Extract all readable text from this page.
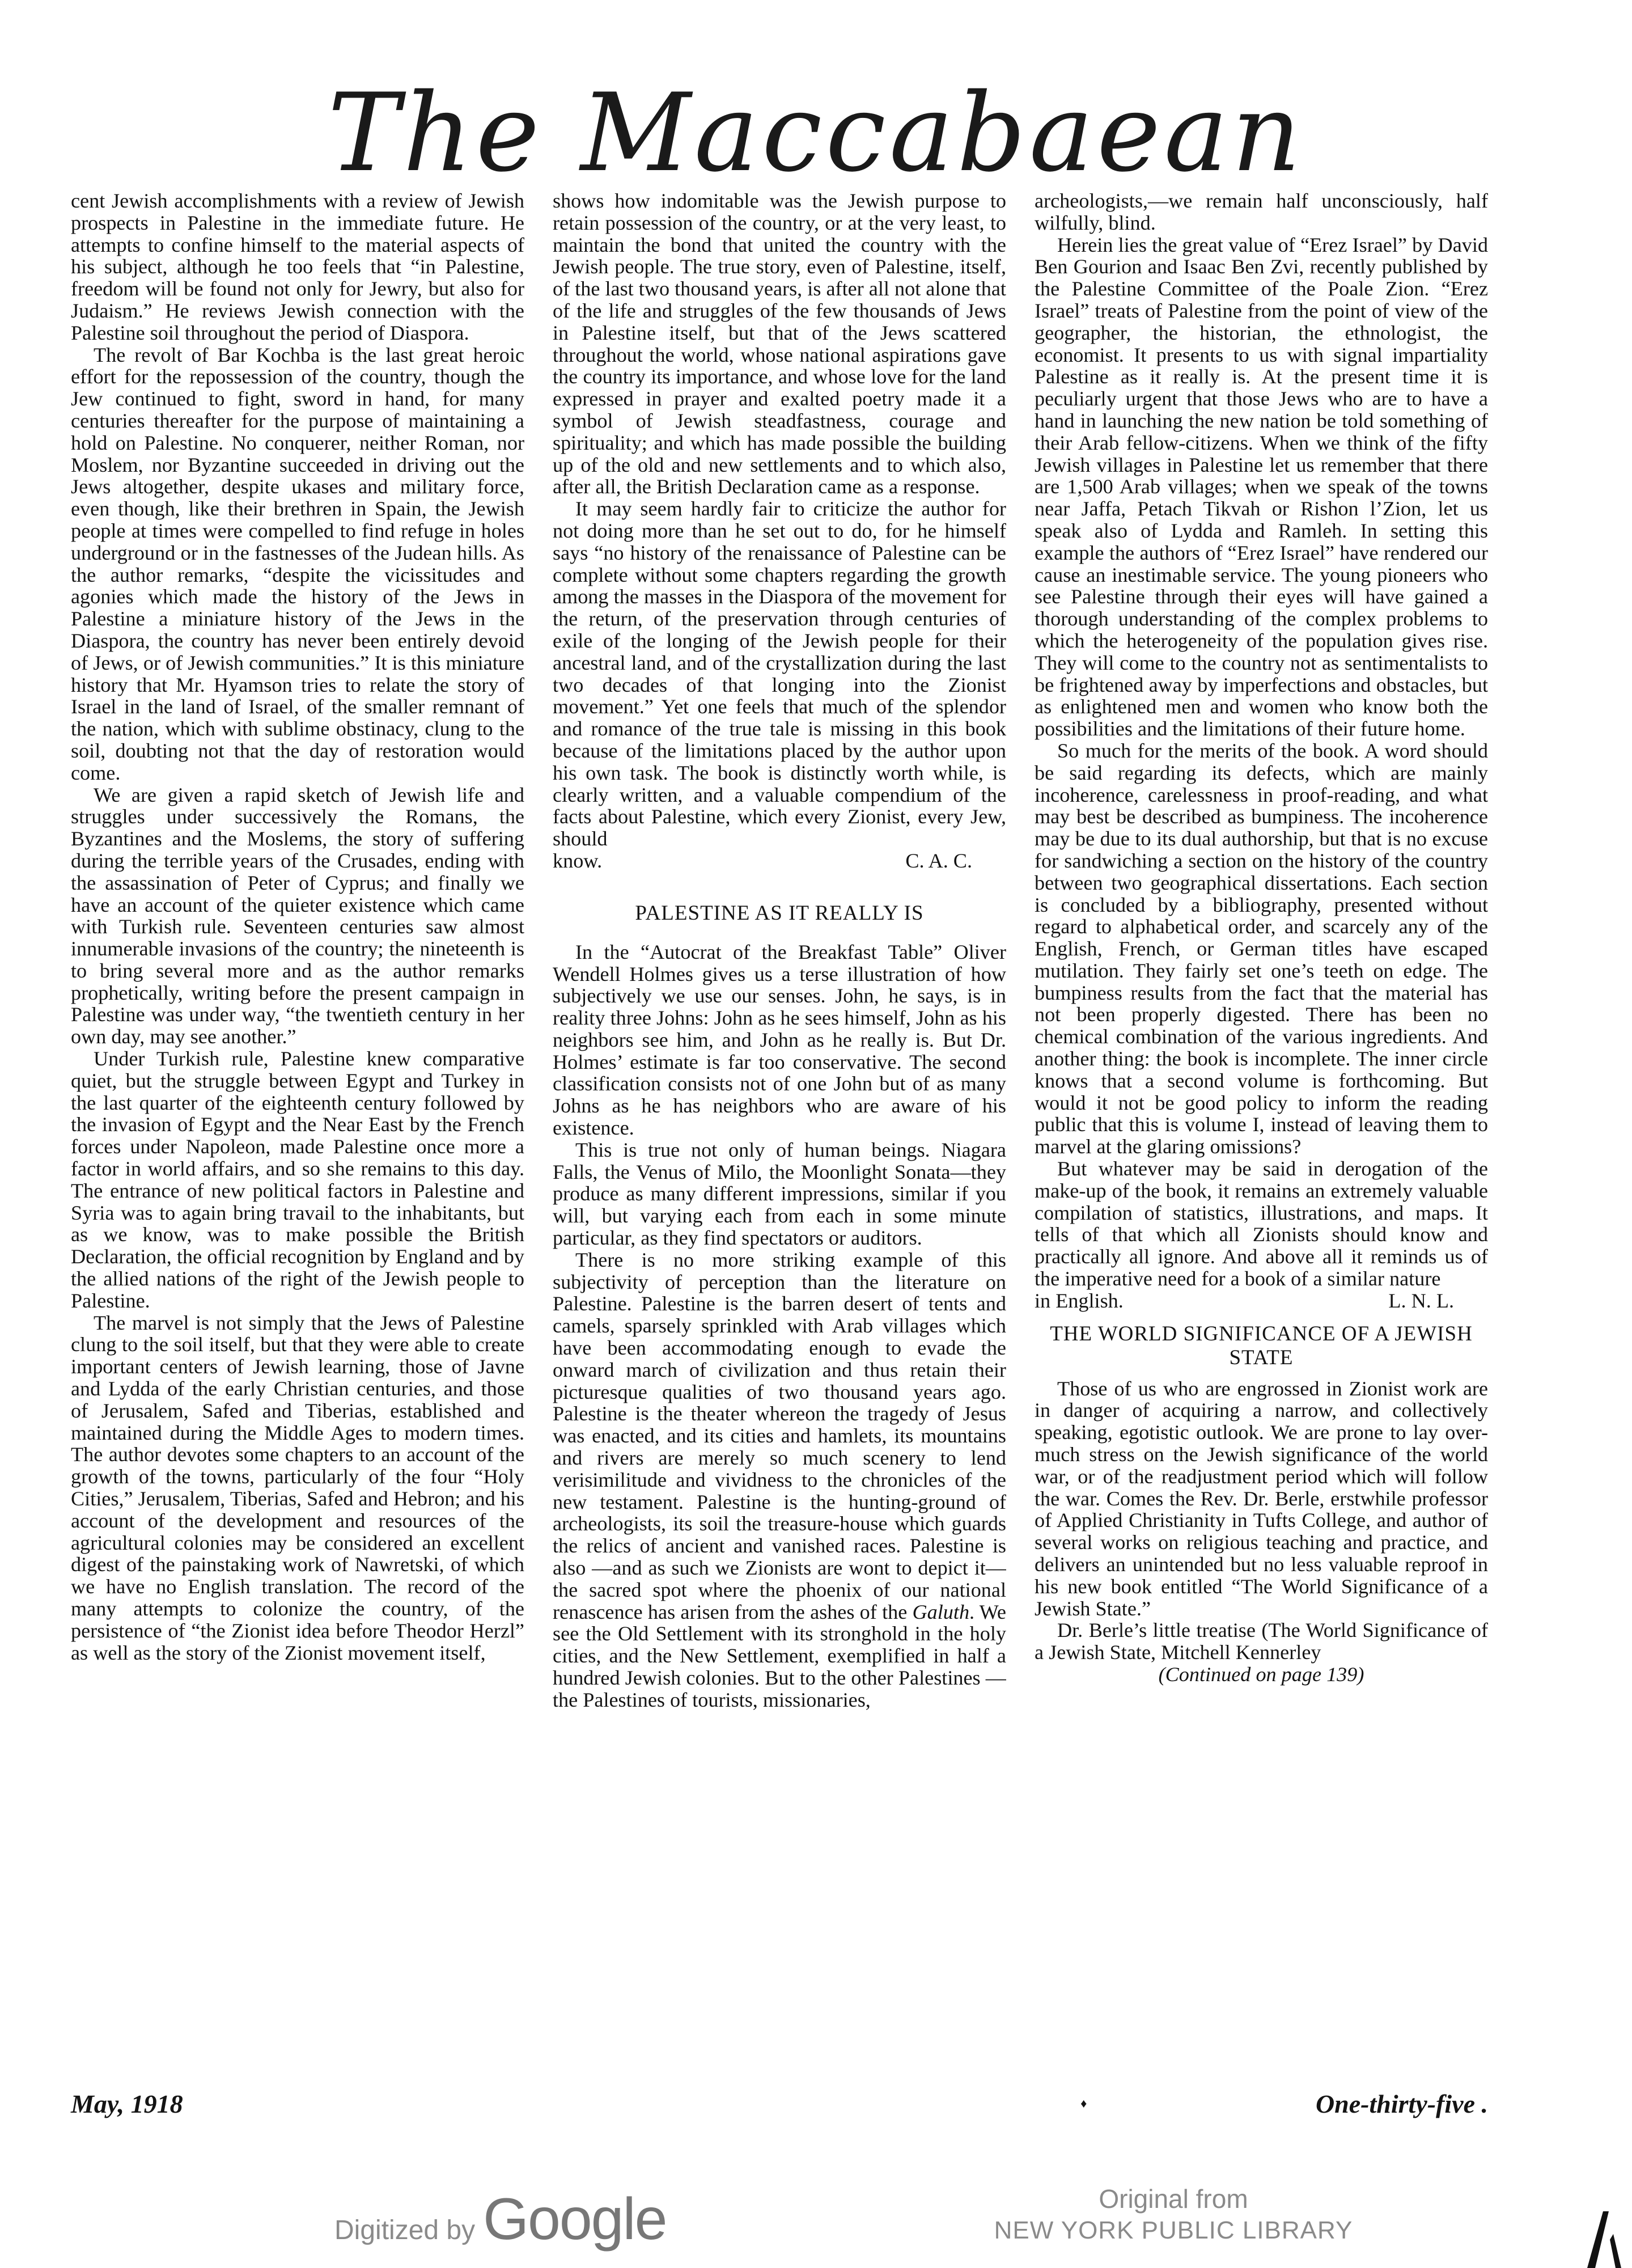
The Maccabaean

cent Jewish accomplishments with a review of Jewish prospects in Palestine in the immediate future. He attempts to confine himself to the material aspects of his subject, although he too feels that “in Palestine, freedom will be found not only for Jewry, but also for Judaism.” He reviews Jewish connection with the Palestine soil throughout the period of Diaspora.

The revolt of Bar Kochba is the last great heroic effort for the repossession of the country, though the Jew continued to fight, sword in hand, for many centuries thereafter for the purpose of maintaining a hold on Palestine. No conquerer, neither Roman, nor Moslem, nor Byzantine succeeded in driving out the Jews altogether, despite ukases and military force, even though, like their brethren in Spain, the Jewish people at times were compelled to find refuge in holes underground or in the fastnesses of the Judean hills. As the author remarks, “despite the vicissitudes and agonies which made the history of the Jews in Palestine a miniature history of the Jews in the Diaspora, the country has never been entirely devoid of Jews, or of Jewish communities.” It is this miniature history that Mr. Hyamson tries to relate the story of Israel in the land of Israel, of the smaller remnant of the nation, which with sublime obstinacy, clung to the soil, doubting not that the day of restoration would come.

We are given a rapid sketch of Jewish life and struggles under successively the Romans, the Byzantines and the Moslems, the story of suffering during the terrible years of the Crusades, ending with the assassination of Peter of Cyprus; and finally we have an account of the quieter existence which came with Turkish rule. Seventeen centuries saw almost innumerable invasions of the country; the nineteenth is to bring several more and as the author remarks prophetically, writing before the present campaign in Palestine was under way, “the twentieth century in her own day, may see another.”

Under Turkish rule, Palestine knew comparative quiet, but the struggle between Egypt and Turkey in the last quarter of the eighteenth century followed by the invasion of Egypt and the Near East by the French forces under Napoleon, made Palestine once more a factor in world affairs, and so she remains to this day. The entrance of new political factors in Palestine and Syria was to again bring travail to the inhabitants, but as we know, was to make possible the British Declaration, the official recognition by England and by the allied nations of the right of the Jewish people to Palestine.

The marvel is not simply that the Jews of Palestine clung to the soil itself, but that they were able to create important centers of Jewish learning, those of Javne and Lydda of the early Christian centuries, and those of Jerusalem, Safed and Tiberias, established and maintained during the Middle Ages to modern times. The author devotes some chapters to an account of the growth of the towns, particularly of the four “Holy Cities,” Jerusalem, Tiberias, Safed and Hebron; and his account of the development and resources of the agricultural colonies may be considered an excellent digest of the painstaking work of Nawretski, of which we have no English translation. The record of the many attempts to colonize the country, of the persistence of “the Zionist idea before Theodor Herzl” as well as the story of the Zionist movement itself,

shows how indomitable was the Jewish purpose to retain possession of the country, or at the very least, to maintain the bond that united the country with the Jewish people. The true story, even of Palestine, itself, of the last two thousand years, is after all not alone that of the life and struggles of the few thousands of Jews in Palestine itself, but that of the Jews scattered throughout the world, whose national aspirations gave the country its importance, and whose love for the land expressed in prayer and exalted poetry made it a symbol of Jewish steadfastness, courage and spirituality; and which has made possible the building up of the old and new settlements and to which also, after all, the British Declaration came as a response.

It may seem hardly fair to criticize the author for not doing more than he set out to do, for he himself says “no history of the renaissance of Palestine can be complete without some chapters regarding the growth among the masses in the Diaspora of the movement for the return, of the preservation through centuries of exile of the longing of the Jewish people for their ancestral land, and of the crystallization during the last two decades of that longing into the Zionist movement.” Yet one feels that much of the splendor and romance of the true tale is missing in this book because of the limitations placed by the author upon his own task. The book is distinctly worth while, is clearly written, and a valuable compendium of the facts about Palestine, which every Zionist, every Jew, should

know.	C. A. C.

PALESTINE AS IT REALLY IS

In the “Autocrat of the Breakfast Table” Oliver Wendell Holmes gives us a terse illustration of how subjectively we use our senses. John, he says, is in reality three Johns: John as he sees himself, John as his neighbors see him, and John as he really is. But Dr. Holmes’ estimate is far too conservative. The second classification consists not of one John but of as many Johns as he has neighbors who are aware of his existence.

This is true not only of human beings. Niagara Falls, the Venus of Milo, the Moonlight Sonata—they produce as many different impressions, similar if you will, but varying each from each in some minute particular, as they find spectators or auditors.

There is no more striking example of this subjectivity of perception than the literature on Palestine. Palestine is the barren desert of tents and camels, sparsely sprinkled with Arab villages which have been accommodating enough to evade the onward march of civilization and thus retain their picturesque qualities of two thousand years ago. Palestine is the theater whereon the tragedy of Jesus was enacted, and its cities and hamlets, its mountains and rivers are merely so much scenery to lend verisimilitude and vividness to the chronicles of the new testament. Palestine is the hunting-ground of archeologists, its soil the treasure-house which guards the relics of ancient and vanished races. Palestine is also —and as such we Zionists are wont to depict it—the sacred spot where the phoenix of our national renascence has arisen from the ashes of the Galuth. We see the Old Settlement with its stronghold in the holy cities, and the New Settlement, exemplified in half a hundred Jewish colonies. But to the other Palestines —the Palestines of tourists, missionaries,

archeologists,—we remain half unconsciously, half wilfully, blind.

Herein lies the great value of “Erez Israel” by David Ben Gourion and Isaac Ben Zvi, recently published by the Palestine Committee of the Poale Zion. “Erez Israel” treats of Palestine from the point of view of the geographer, the historian, the ethnologist, the economist. It presents to us with signal impartiality Palestine as it really is. At the present time it is peculiarly urgent that those Jews who are to have a hand in launching the new nation be told something of their Arab fellow-citizens. When we think of the fifty Jewish villages in Palestine let us remember that there are 1,500 Arab villages; when we speak of the towns near Jaffa, Petach Tikvah or Rishon l’Zion, let us speak also of Lydda and Ramleh. In setting this example the authors of “Erez Israel” have rendered our cause an inestimable service. The young pioneers who see Palestine through their eyes will have gained a thorough understanding of the complex problems to which the heterogeneity of the population gives rise. They will come to the country not as sentimentalists to be frightened away by imperfections and obstacles, but as enlightened men and women who know both the possibilities and the limitations of their future home.

So much for the merits of the book. A word should be said regarding its defects, which are mainly incoherence, carelessness in proof-reading, and what may best be described as bumpiness. The incoherence may be due to its dual authorship, but that is no excuse for sandwiching a section on the history of the country between two geographical dissertations. Each section is concluded by a bibliography, presented without regard to alphabetical order, and scarcely any of the English, French, or German titles have escaped mutilation. They fairly set one’s teeth on edge. The bumpiness results from the fact that the material has not been properly digested. There has been no chemical combination of the various ingredients. And another thing: the book is incomplete. The inner circle knows that a second volume is forthcoming. But would it not be good policy to inform the reading public that this is volume I, instead of leaving them to marvel at the glaring omissions?

But whatever may be said in derogation of the make-up of the book, it remains an extremely valuable compilation of statistics, illustrations, and maps. It tells of that which all Zionists should know and practically all ignore. And above all it reminds us of the imperative need for a book of a similar nature

in English.	L. N. L.

THE WORLD SIGNIFICANCE OF A JEWISH STATE

Those of us who are engrossed in Zionist work are in danger of acquiring a narrow, and collectively speaking, egotistic outlook. We are prone to lay over-much stress on the Jewish significance of the world war, or of the readjustment period which will follow the war. Comes the Rev. Dr. Berle, erstwhile professor of Applied Christianity in Tufts College, and author of several works on religious teaching and practice, and delivers an unintended but no less valuable reproof in his new book entitled “The World Significance of a Jewish State.”

Dr. Berle’s little treatise (The World Significance of a Jewish State, Mitchell Kennerley

(Continued on page 139)

May, 1918	♦	One-thirty-five .
Digitized by Google	Original from
NEW YORK PUBLIC LIBRARY
